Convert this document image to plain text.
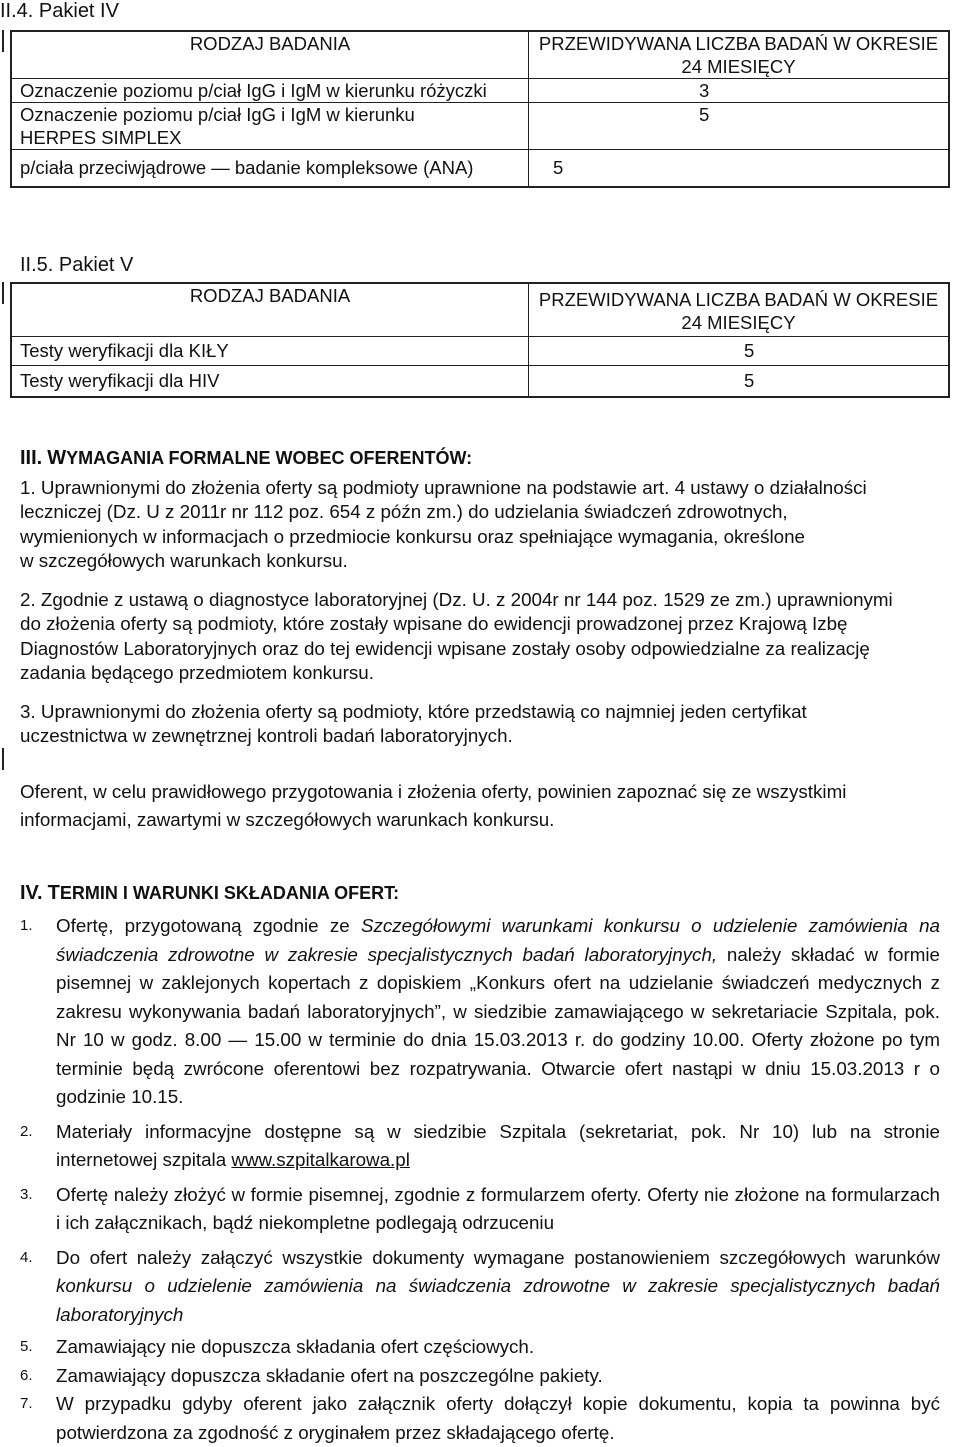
II.4. Pakiet IV
RODZAJ BADANIA	PRZEWIDYWANA LICZBA BADAŃ W OKRESIE
24 MIESIĘCY

Oznaczenie poziomu p/ciał IgG i IgM w kierunku różyczki	3

Oznaczenie poziomu p/ciał IgG i IgM w kierunku
HERPES SIMPLEX	5
p/ciała przeciwjądrowe — badanie kompleksowe (ANA)	5
II.5. Pakiet V
RODZAJ BADANIA	PRZEWIDYWANA LICZBA BADAŃ W OKRESIE
24 MIESIĘCY

Testy weryfikacji dla KIŁY	5
Testy weryfikacji dla HIV	5
III. WYMAGANIA FORMALNE WOBEC OFERENTÓW:
1. Uprawnionymi do złożenia oferty są podmioty uprawnione na podstawie art. 4 ustawy o działalności
leczniczej (Dz. U z 2011r nr 112 poz. 654 z późn zm.) do udzielania świadczeń zdrowotnych,
wymienionych w informacjach o przedmiocie konkursu oraz spełniające wymagania, określone
w szczegółowych warunkach konkursu.
2. Zgodnie z ustawą o diagnostyce laboratoryjnej (Dz. U. z 2004r nr 144 poz. 1529 ze zm.) uprawnionymi
do złożenia oferty są podmioty, które zostały wpisane do ewidencji prowadzonej przez Krajową Izbę
Diagnostów Laboratoryjnych oraz do tej ewidencji wpisane zostały osoby odpowiedzialne za realizację
zadania będącego przedmiotem konkursu.
3. Uprawnionymi do złożenia oferty są podmioty, które przedstawią co najmniej jeden certyfikat
uczestnictwa w zewnętrznej kontroli badań laboratoryjnych.
Oferent, w celu prawidłowego przygotowania i złożenia oferty, powinien zapoznać się ze wszystkimi
informacjami, zawartymi w szczegółowych warunkach konkursu.
IV. TERMIN I WARUNKI SKŁADANIA OFERT:
1. Ofertę, przygotowaną zgodnie ze Szczegółowymi warunkami konkursu o udzielenie zamówienia na świadczenia zdrowotne w zakresie specjalistycznych badań laboratoryjnych, należy składać w formie pisemnej w zaklejonych kopertach z dopiskiem „Konkurs ofert na udzielanie świadczeń medycznych z zakresu wykonywania badań laboratoryjnych”, w siedzibie zamawiającego w sekretariacie Szpitala, pok. Nr 10 w godz. 8.00 — 15.00 w terminie do dnia 15.03.2013 r. do godziny 10.00. Oferty złożone po tym terminie będą zwrócone oferentowi bez rozpatrywania. Otwarcie ofert nastąpi w dniu 15.03.2013 r o godzinie 10.15.
2. Materiały informacyjne dostępne są w siedzibie Szpitala (sekretariat, pok. Nr 10) lub na stronie internetowej szpitala www.szpitalkarowa.pl
3. Ofertę należy złożyć w formie pisemnej, zgodnie z formularzem oferty. Oferty nie złożone na formularzach i ich załącznikach, bądź niekompletne podlegają odrzuceniu
4. Do ofert należy załączyć wszystkie dokumenty wymagane postanowieniem szczegółowych warunków konkursu o udzielenie zamówienia na świadczenia zdrowotne w zakresie specjalistycznych badań laboratoryjnych
5. Zamawiający nie dopuszcza składania ofert częściowych.
6. Zamawiający dopuszcza składanie ofert na poszczególne pakiety.
7. W przypadku gdyby oferent jako załącznik oferty dołączył kopie dokumentu, kopia ta powinna być potwierdzona za zgodność z oryginałem przez składającego ofertę.
